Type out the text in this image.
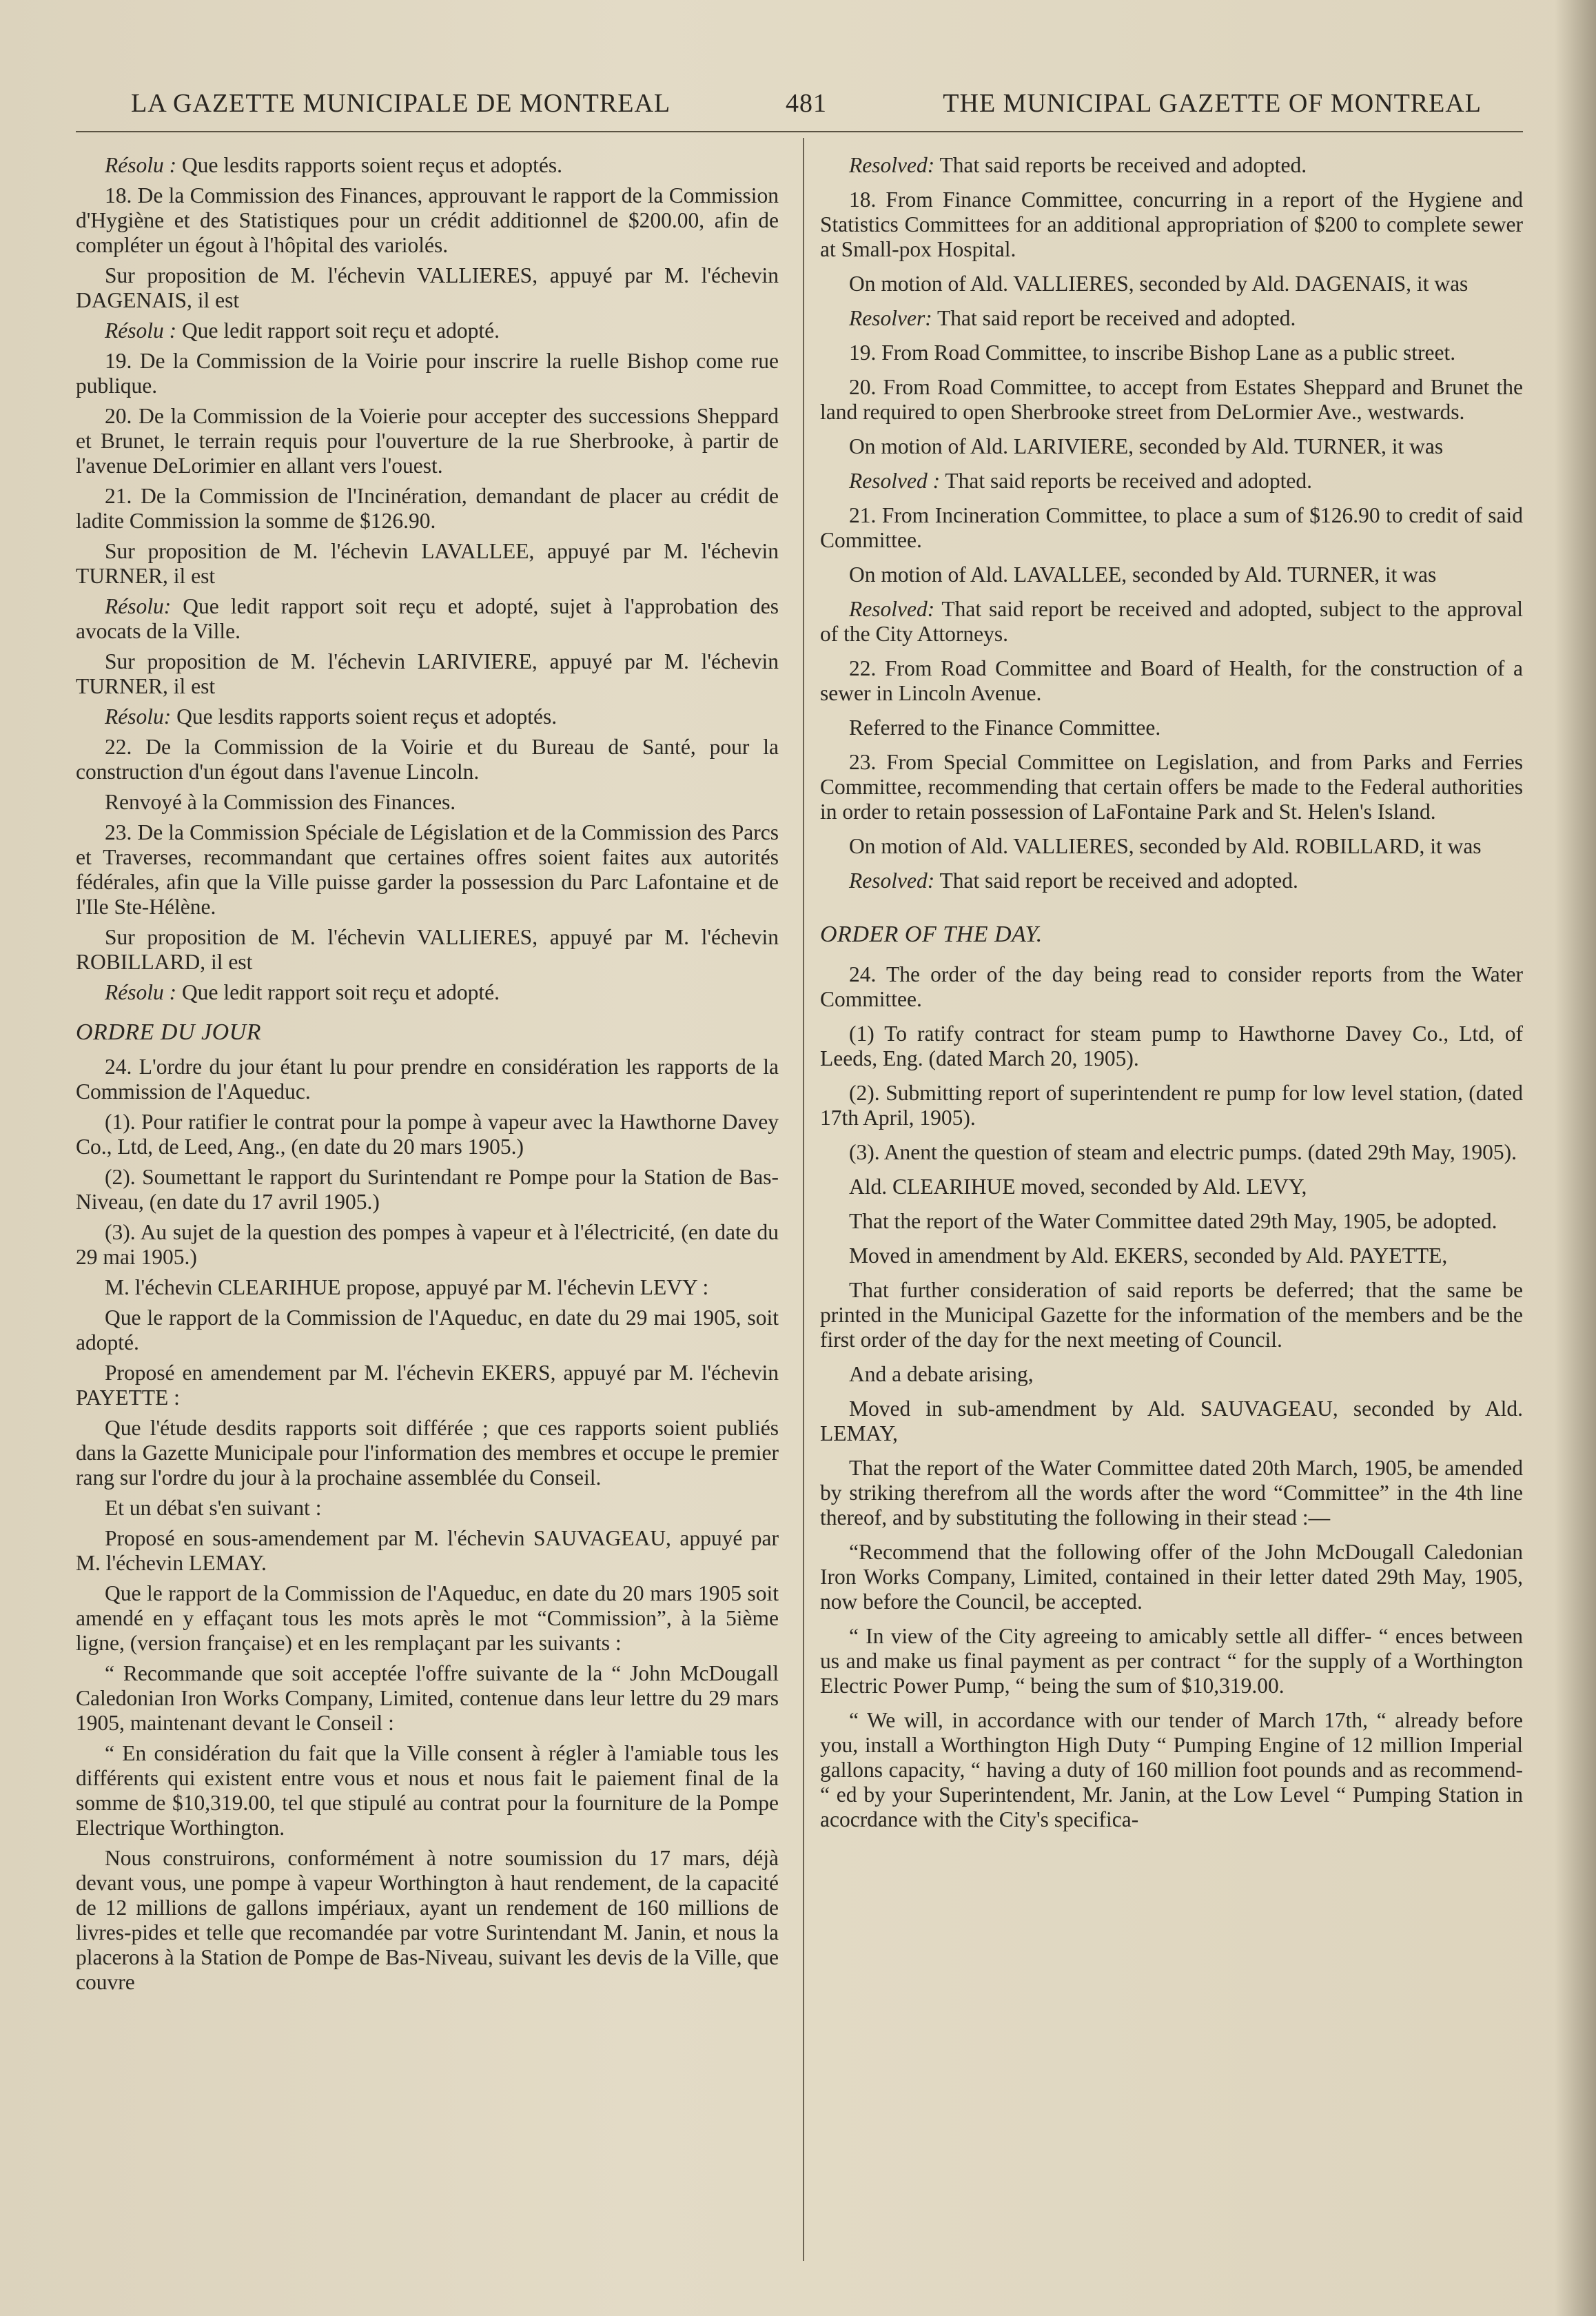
LA GAZETTE MUNICIPALE DE MONTREAL	481	THE MUNICIPAL GAZETTE OF MONTREAL

Résolu : Que lesdits rapports soient reçus et adoptés.

18. De la Commission des Finances, approuvant le rapport de la Commission d'Hygiène et des Statistiques pour un crédit additionnel de $200.00, afin de compléter un égout à l'hôpital des variolés.

Sur proposition de M. l'échevin VALLIERES, appuyé par M. l'échevin DAGENAIS, il est

Résolu : Que ledit rapport soit reçu et adopté.

19. De la Commission de la Voirie pour inscrire la ruelle Bishop come rue publique.

20. De la Commission de la Voierie pour accepter des successions Sheppard et Brunet, le terrain requis pour l'ouverture de la rue Sherbrooke, à partir de l'avenue DeLorimier en allant vers l'ouest.

21. De la Commission de l'Incinération, demandant de placer au crédit de ladite Commission la somme de $126.90.

Sur proposition de M. l'échevin LAVALLEE, appuyé par M. l'échevin TURNER, il est

Résolu: Que ledit rapport soit reçu et adopté, sujet à l'approbation des avocats de la Ville.

Sur proposition de M. l'échevin LARIVIERE, appuyé par M. l'échevin TURNER, il est

Résolu: Que lesdits rapports soient reçus et adoptés.

22. De la Commission de la Voirie et du Bureau de Santé, pour la construction d'un égout dans l'avenue Lincoln.

Renvoyé à la Commission des Finances.

23. De la Commission Spéciale de Législation et de la Commission des Parcs et Traverses, recommandant que certaines offres soient faites aux autorités fédérales, afin que la Ville puisse garder la possession du Parc Lafontaine et de l'Ile Ste-Hélène.

Sur proposition de M. l'échevin VALLIERES, appuyé par M. l'échevin ROBILLARD, il est

Résolu : Que ledit rapport soit reçu et adopté.

ORDRE DU JOUR

24. L'ordre du jour étant lu pour prendre en considération les rapports de la Commission de l'Aqueduc.

(1). Pour ratifier le contrat pour la pompe à vapeur avec la Hawthorne Davey Co., Ltd, de Leed, Ang., (en date du 20 mars 1905.)

(2). Soumettant le rapport du Surintendant re Pompe pour la Station de Bas-Niveau, (en date du 17 avril 1905.)

(3). Au sujet de la question des pompes à vapeur et à l'électricité, (en date du 29 mai 1905.)

M. l'échevin CLEARIHUE propose, appuyé par M. l'échevin LEVY :

Que le rapport de la Commission de l'Aqueduc, en date du 29 mai 1905, soit adopté.

Proposé en amendement par M. l'échevin EKERS, appuyé par M. l'échevin PAYETTE :

Que l'étude desdits rapports soit différée ; que ces rapports soient publiés dans la Gazette Municipale pour l'information des membres et occupe le premier rang sur l'ordre du jour à la prochaine assemblée du Conseil.

Et un débat s'en suivant :

Proposé en sous-amendement par M. l'échevin SAUVAGEAU, appuyé par M. l'échevin LEMAY.

Que le rapport de la Commission de l'Aqueduc, en date du 20 mars 1905 soit amendé en y effaçant tous les mots après le mot “Commission”, à la 5ième ligne, (version française) et en les remplaçant par les suivants :

“ Recommande que soit acceptée l'offre suivante de la “ John McDougall Caledonian Iron Works Company, Limited, contenue dans leur lettre du 29 mars 1905, maintenant devant le Conseil :

“ En considération du fait que la Ville consent à régler à l'amiable tous les différents qui existent entre vous et nous et nous fait le paiement final de la somme de $10,319.00, tel que stipulé au contrat pour la fourniture de la Pompe Electrique Worthington.

Nous construirons, conformément à notre soumission du 17 mars, déjà devant vous, une pompe à vapeur Worthington à haut rendement, de la capacité de 12 millions de gallons impériaux, ayant un rendement de 160 millions de livres-pides et telle que recomandée par votre Surintendant M. Janin, et nous la placerons à la Station de Pompe de Bas-Niveau, suivant les devis de la Ville, que couvre

Resolved: That said reports be received and adopted.

18. From Finance Committee, concurring in a report of the Hygiene and Statistics Committees for an additional appropriation of $200 to complete sewer at Small-pox Hospital.

On motion of Ald. VALLIERES, seconded by Ald. DAGENAIS, it was

Resolver: That said report be received and adopted.

19. From Road Committee, to inscribe Bishop Lane as a public street.

20. From Road Committee, to accept from Estates Sheppard and Brunet the land required to open Sherbrooke street from DeLormier Ave., westwards.

On motion of Ald. LARIVIERE, seconded by Ald. TURNER, it was

Resolved : That said reports be received and adopted.

21. From Incineration Committee, to place a sum of $126.90 to credit of said Committee.

On motion of Ald. LAVALLEE, seconded by Ald. TURNER, it was

Resolved: That said report be received and adopted, subject to the approval of the City Attorneys.

22. From Road Committee and Board of Health, for the construction of a sewer in Lincoln Avenue.

Referred to the Finance Committee.

23. From Special Committee on Legislation, and from Parks and Ferries Committee, recommending that certain offers be made to the Federal authorities in order to retain possession of LaFontaine Park and St. Helen's Island.

On motion of Ald. VALLIERES, seconded by Ald. ROBILLARD, it was

Resolved: That said report be received and adopted.

ORDER OF THE DAY.

24. The order of the day being read to consider reports from the Water Committee.

(1) To ratify contract for steam pump to Hawthorne Davey Co., Ltd, of Leeds, Eng. (dated March 20, 1905).

(2). Submitting report of superintendent re pump for low level station, (dated 17th April, 1905).

(3). Anent the question of steam and electric pumps. (dated 29th May, 1905).

Ald. CLEARIHUE moved, seconded by Ald. LEVY,

That the report of the Water Committee dated 29th May, 1905, be adopted.

Moved in amendment by Ald. EKERS, seconded by Ald. PAYETTE,

That further consideration of said reports be deferred; that the same be printed in the Municipal Gazette for the information of the members and be the first order of the day for the next meeting of Council.

And a debate arising,

Moved in sub-amendment by Ald. SAUVAGEAU, seconded by Ald. LEMAY,

That the report of the Water Committee dated 20th March, 1905, be amended by striking therefrom all the words after the word “Committee” in the 4th line thereof, and by substituting the following in their stead :—

“Recommend that the following offer of the John McDougall Caledonian Iron Works Company, Limited, contained in their letter dated 29th May, 1905, now before the Council, be accepted.

“ In view of the City agreeing to amicably settle all differ- “ ences between us and make us final payment as per contract “ for the supply of a Worthington Electric Power Pump, “ being the sum of $10,319.00.

“ We will, in accordance with our tender of March 17th, “ already before you, install a Worthington High Duty “ Pumping Engine of 12 million Imperial gallons capacity, “ having a duty of 160 million foot pounds and as recommend- “ ed by your Superintendent, Mr. Janin, at the Low Level “ Pumping Station in acocrdance with the City's specifica-
